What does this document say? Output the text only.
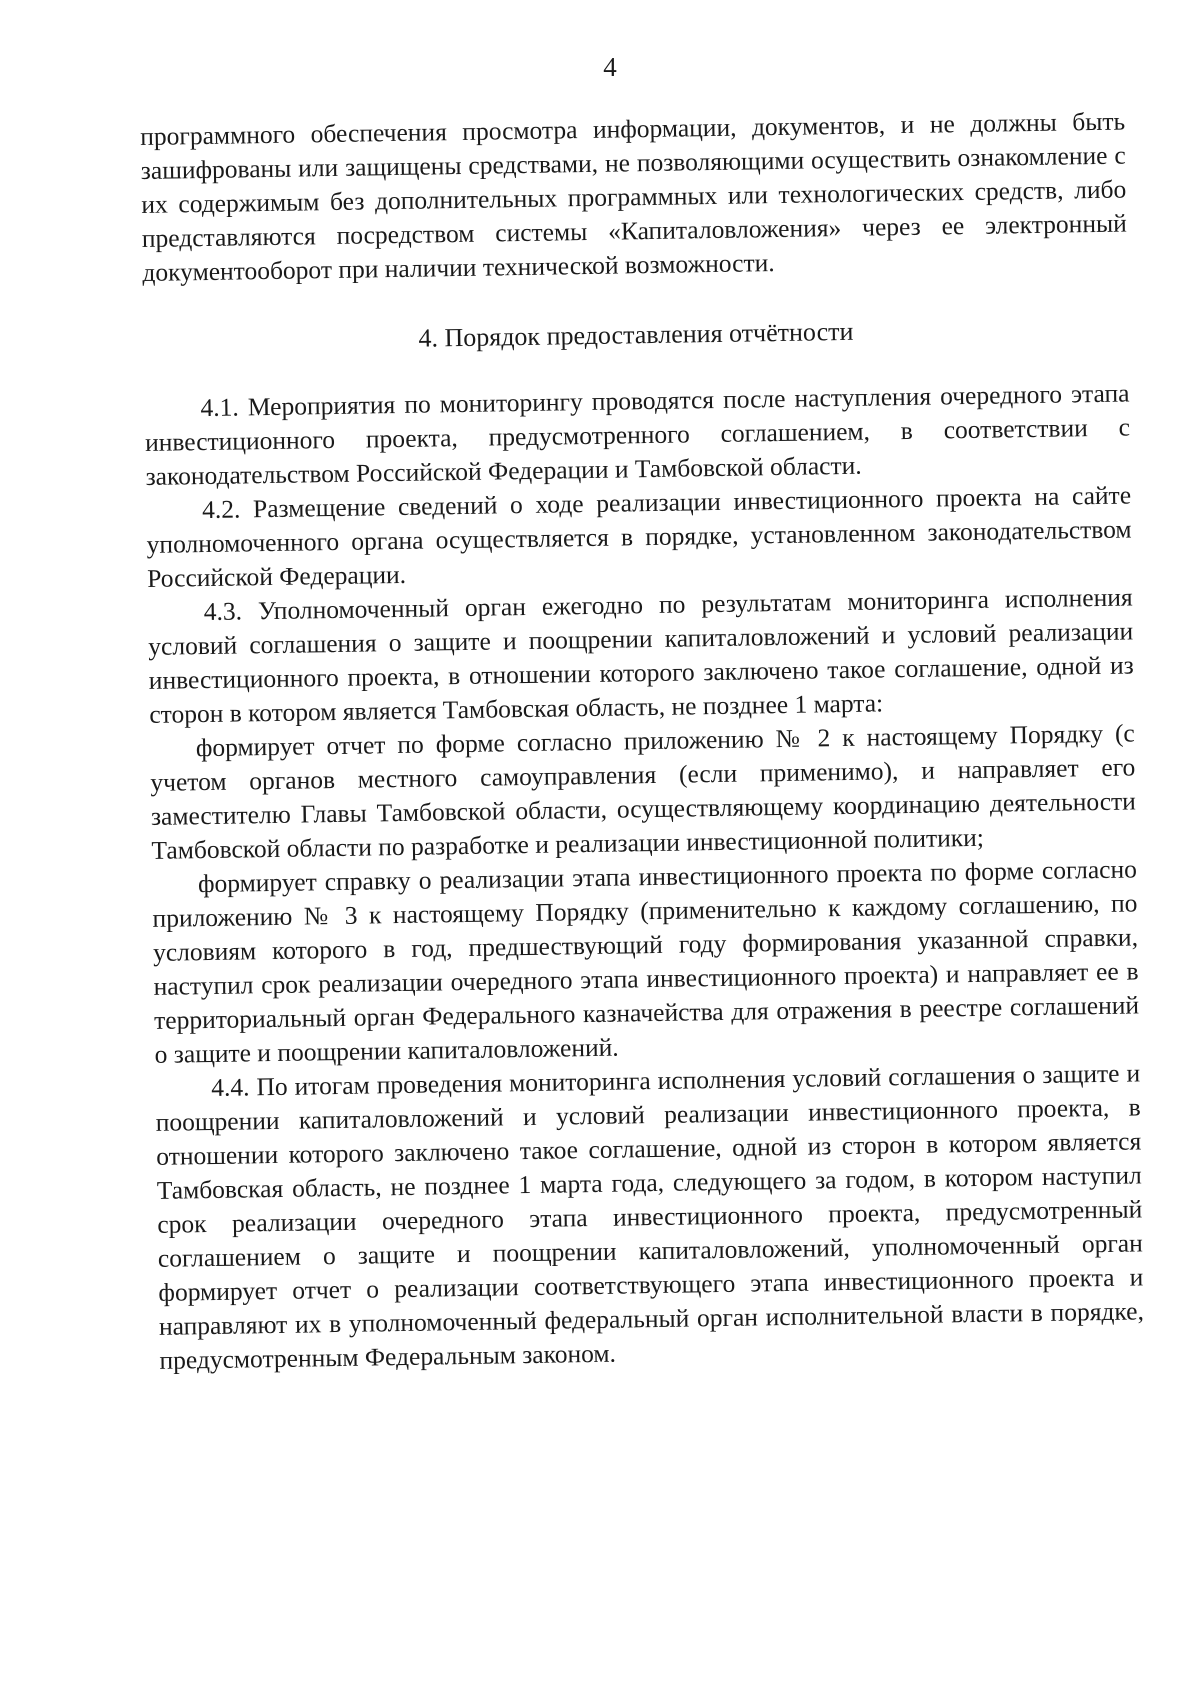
4

программного обеспечения просмотра информации, документов, и не должны быть зашифрованы или защищены средствами, не позволяющими осуществить ознакомление с их содержимым без дополнительных программных или технологических средств, либо представляются посредством системы «Капиталовложения» через ее электронный документооборот при наличии технической возможности.

4. Порядок предоставления отчётности

4.1. Мероприятия по мониторингу проводятся после наступления очередного этапа инвестиционного проекта, предусмотренного соглашением, в соответствии с законодательством Российской Федерации и Тамбовской области.

4.2. Размещение сведений о ходе реализации инвестиционного проекта на сайте уполномоченного органа осуществляется в порядке, установленном законодательством Российской Федерации.

4.3. Уполномоченный орган ежегодно по результатам мониторинга исполнения условий соглашения о защите и поощрении капиталовложений и условий реализации инвестиционного проекта, в отношении которого заключено такое соглашение, одной из сторон в котором является Тамбовская область, не позднее 1 марта:

формирует отчет по форме согласно приложению № 2 к настоящему Порядку (с учетом органов местного самоуправления (если применимо), и направляет его заместителю Главы Тамбовской области, осуществляющему координацию деятельности Тамбовской области по разработке и реализации инвестиционной политики;

формирует справку о реализации этапа инвестиционного проекта по форме согласно приложению № 3 к настоящему Порядку (применительно к каждому соглашению, по условиям которого в год, предшествующий году формирования указанной справки, наступил срок реализации очередного этапа инвестиционного проекта) и направляет ее в территориальный орган Федерального казначейства для отражения в реестре соглашений о защите и поощрении капиталовложений.

4.4. По итогам проведения мониторинга исполнения условий соглашения о защите и поощрении капиталовложений и условий реализации инвестиционного проекта, в отношении которого заключено такое соглашение, одной из сторон в котором является Тамбовская область, не позднее 1 марта года, следующего за годом, в котором наступил срок реализации очередного этапа инвестиционного проекта, предусмотренный соглашением о защите и поощрении капиталовложений, уполномоченный орган формирует отчет о реализации соответствующего этапа инвестиционного проекта и направляют их в уполномоченный федеральный орган исполнительной власти в порядке, предусмотренным Федеральным законом.
